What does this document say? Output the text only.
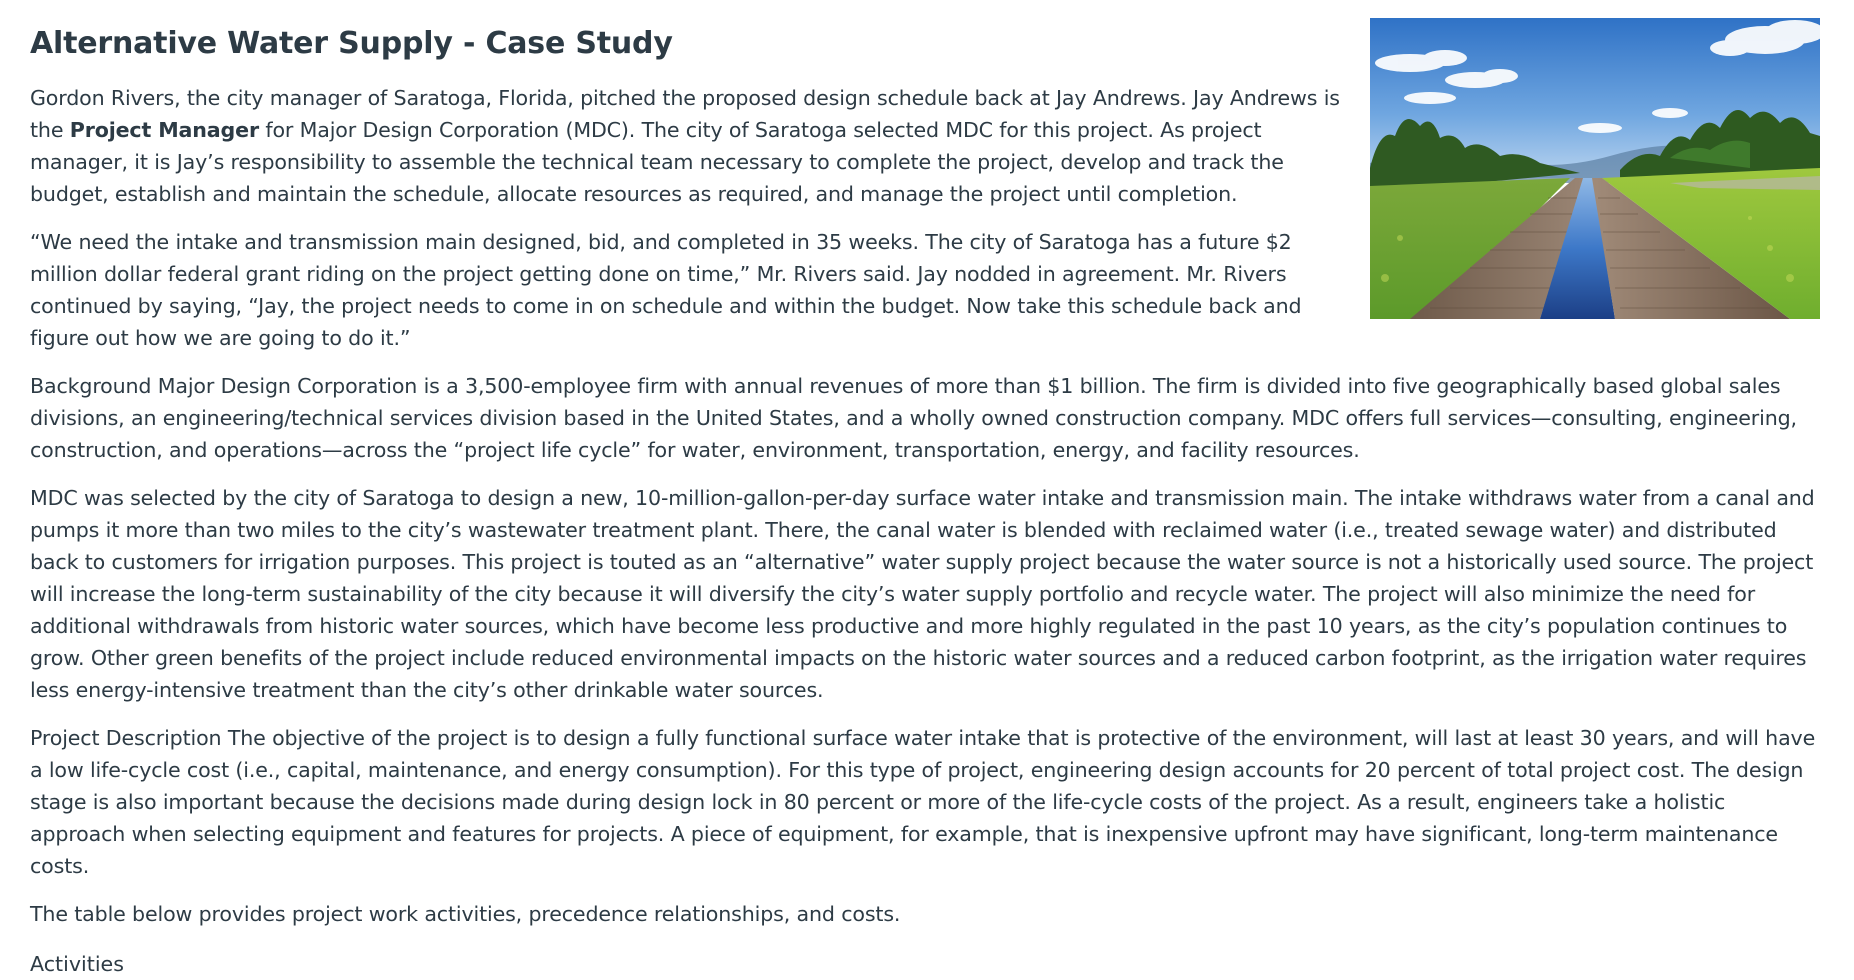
Alternative Water Supply - Case Study

Gordon Rivers, the city manager of Saratoga, Florida, pitched the proposed design schedule back at Jay Andrews. Jay Andrews is the Project Manager for Major Design Corporation (MDC). The city of Saratoga selected MDC for this project. As project manager, it is Jay’s responsibility to assemble the technical team necessary to complete the project, develop and track the budget, establish and maintain the schedule, allocate resources as required, and manage the project until completion.

“We need the intake and transmission main designed, bid, and completed in 35 weeks. The city of Saratoga has a future $2 million dollar federal grant riding on the project getting done on time,” Mr. Rivers said. Jay nodded in agreement. Mr. Rivers continued by saying, “Jay, the project needs to come in on schedule and within the budget. Now take this schedule back and figure out how we are going to do it.”

Background Major Design Corporation is a 3,500-employee firm with annual revenues of more than $1 billion. The firm is divided into five geographically based global sales divisions, an engineering/technical services division based in the United States, and a wholly owned construction company. MDC offers full services—consulting, engineering, construction, and operations—across the “project life cycle” for water, environment, transportation, energy, and facility resources.

MDC was selected by the city of Saratoga to design a new, 10-million-gallon-per-day surface water intake and transmission main. The intake withdraws water from a canal and pumps it more than two miles to the city’s wastewater treatment plant. There, the canal water is blended with reclaimed water (i.e., treated sewage water) and distributed back to customers for irrigation purposes. This project is touted as an “alternative” water supply project because the water source is not a historically used source. The project will increase the long-term sustainability of the city because it will diversify the city’s water supply portfolio and recycle water. The project will also minimize the need for additional withdrawals from historic water sources, which have become less productive and more highly regulated in the past 10 years, as the city’s population continues to grow. Other green benefits of the project include reduced environmental impacts on the historic water sources and a reduced carbon footprint, as the irrigation water requires less energy-intensive treatment than the city’s other drinkable water sources.

Project Description The objective of the project is to design a fully functional surface water intake that is protective of the environment, will last at least 30 years, and will have a low life-cycle cost (i.e., capital, maintenance, and energy consumption). For this type of project, engineering design accounts for 20 percent of total project cost. The design stage is also important because the decisions made during design lock in 80 percent or more of the life-cycle costs of the project. As a result, engineers take a holistic approach when selecting equipment and features for projects. A piece of equipment, for example, that is inexpensive upfront may have significant, long-term maintenance costs.

The table below provides project work activities, precedence relationships, and costs.

Activities
